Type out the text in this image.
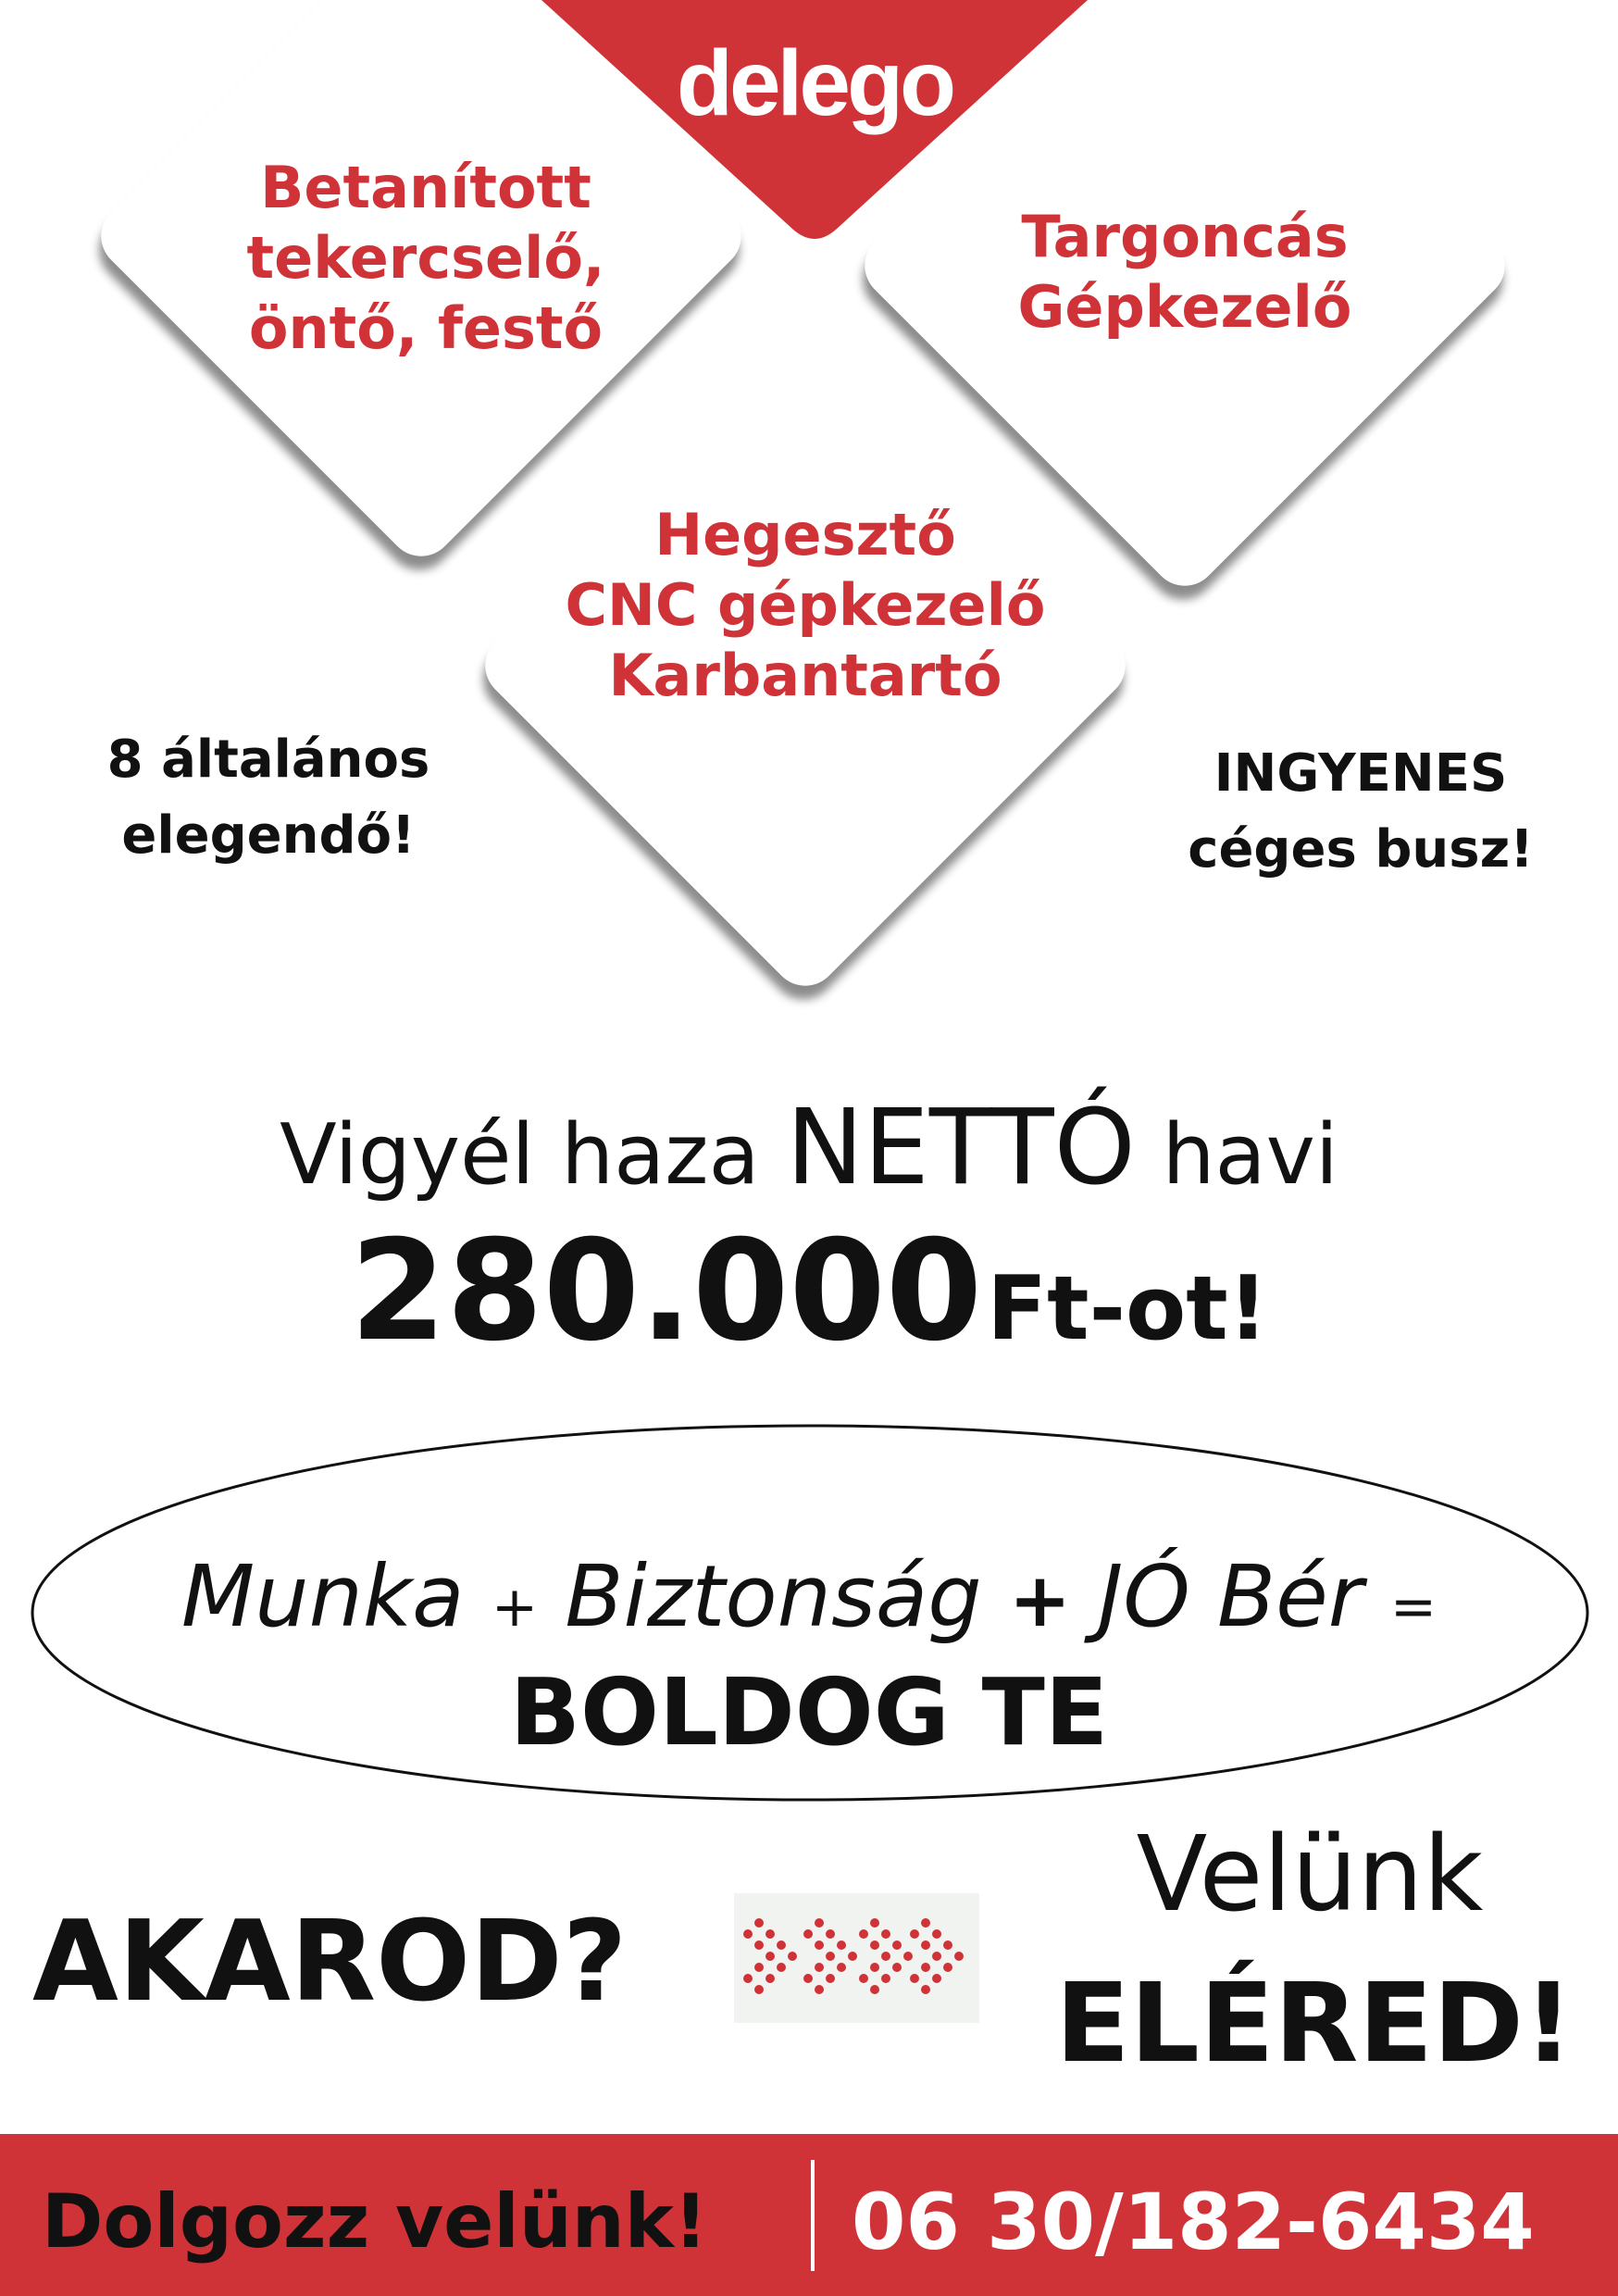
delego
Betanított
tekercselő,
öntő, festő
Targoncás
Gépkezelő
Hegesztő
CNC gépkezelő
Karbantartó
8 általános
elegendő!
INGYENES
céges busz!
Vigyél haza NETTÓ havi
280.000 Ft-ot!
Munka + Biztonság + JÓ Bér =
BOLDOG TE
AKAROD?
Velünk
ELÉRED!
Dolgozz velünk! 06 30/182-6434
